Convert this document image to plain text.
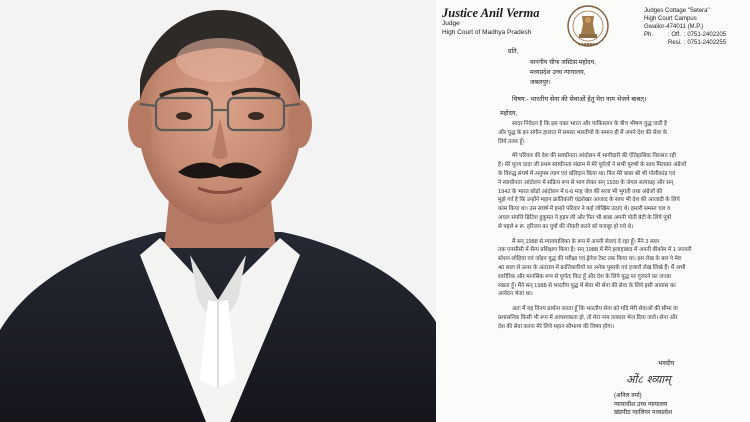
Justice Anil Verma
Judge
High Court of Madhya Pradesh
●●●●●●●
Judges Cottage "Setera"
High Court Campus
Gwalior-474011 (M.P.)
Ph.	: Off. : 0751-2402205
Resi. : 0751-2402255
प्रति,
माननीय चीफ जस्टिस महोदय,
मध्यप्रदेश उच्च न्यायालय,
जबलपुर।
विषय:- भारतीय सेना की सेवाओं हेतु मेरा नाम भेजने बाबत्।
महोदय,
सादर निवेदन है कि इस वक्त भारत और पाकिस्तान के बीच भीषण युद्ध जारी है
और युद्ध के इन संगीन हालात में समस्त भारतीयों के समान ही मैं अपने देश की सेवा के
लिये तत्पर हूँ।
मेरे परिवार की देश की स्वाधीनता आंदोलन में भागीदारी की ऐतिहासिक विरासत रही
है। मेरे पूज्य दादा जी प्रथम स्वाधीनता संग्राम में मेरे पूर्वजों ने सभी पुरुषों के साथ मिलकर अंग्रेजों
के विरुद्ध संघर्ष में अनुपम त्याग एवं बलिदान किया था। फिर मेरे बाबा श्री भी गोलीकांड एवं
ने स्वाधीनता आंदोलन में सक्रिय रूप से भाग लेकर सन् 1930 के जंगल सत्याग्रह और सन्
1942 के भारत छोड़ो आंदोलन में 6-6 माह जेल की सजा भी भुगती तथा अंग्रेजों की
मुझे गर्व है कि उन्होंने महान क्रांतिकारी चंद्रशेखर आजाद के साथ भी देश की आजादी के लिये
काम किया था। उस संघर्ष में हमारे परिवार ने कई जोखिम उठाएं थे। हमारी समस्त चल व
अचल संपत्ति ब्रिटिश हुकूमत ने हड़प ली और फिर भी बाबा अपनी पोती बेटी के लिये पुत्रों
से पहले 4 रू. हरिजन का पुत्रों की नौकरी करने को मजबूर हो गये थे।
मैं सन् 1988 से न्यायपालिका के रूप में अपनी सेवाएं दे रहा हूँ। मैंने 3 साल
तक एनसीसी में सैन्य प्रशिक्षण किया है। सन् 1988 में मैंने इलाहाबाद में अपनी बीकॉम में 1 जनवरी
स्टेशन लोहिया एवं जॉइन युद्ध की परीक्षा एवं ड्रेनेज टेस्ट तक किया था। इस लेख के बल पे मेरा
40 साल से ऊपर के अंतराल में क्रांतिकारियों पर अनेक पुस्तकें एवं हजारों लेख लिखे हैं। मैं अभी
शारीरिक और मानसिक रूप से पूर्णतः फिट हूँ और देश के लिये युद्ध पर गुजरने का जज्बा
रखता हूँ। मैंने सन् 1988 से भारतीय युद्ध में सेवा भी सेना की सेवा के लिये इसी आवास का
आवेदन भेजा था।
अतः मैं यह विनय प्रार्थना करता हूँ कि भारतीय सेना को यदि मेरी सेवाओं की सीमा या
प्रशासनिक किसी भी रूप में आवश्यकता हो, तो मेरा नाम तत्काल भेज दिया जावे। सेना और
देश की सेवा करना मेरे लिये महान सौभाग्य की विषय होगा।
भवदीय
ओं८ श्व्याम्
(अनिल वर्मा)
न्यायाधीश उच्च न्यायालय
खंडपीठ ग्वालियर मध्यप्रदेश
